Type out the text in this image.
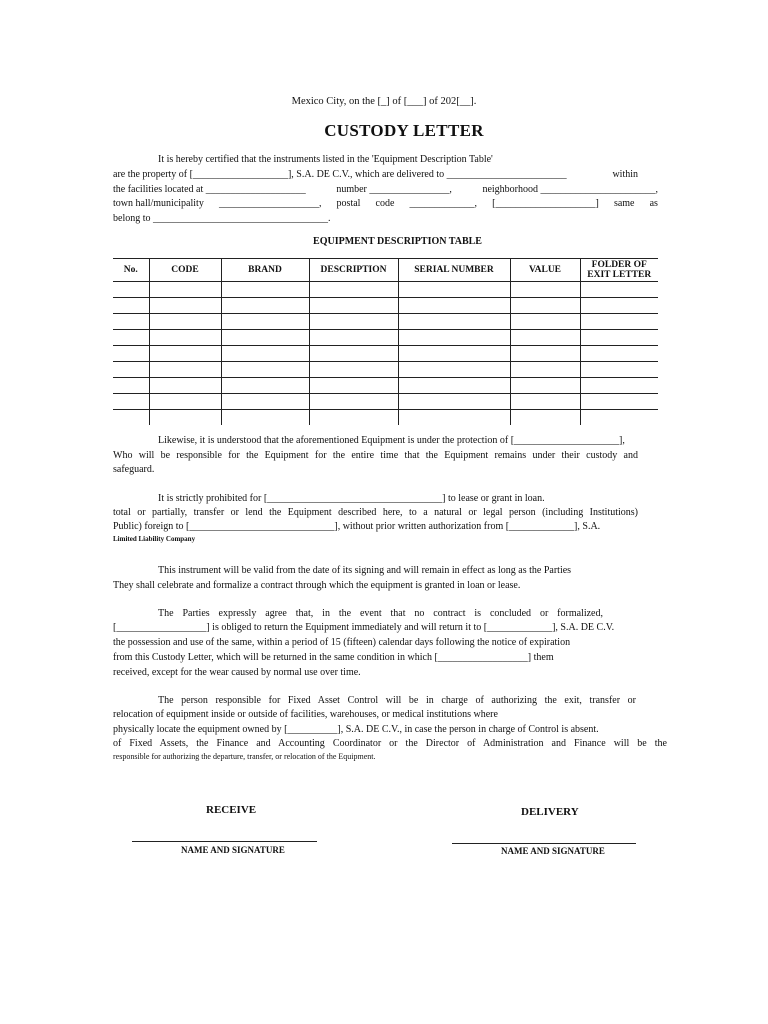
Mexico City, on the [_] of [___] of 202[__].
CUSTODY LETTER
It is hereby certified that the instruments listed in the 'Equipment Description Table'
are the property of [___________________], S.A. DE C.V., which are delivered to ________________________	within
the facilities located at ____________________	number ________________,	neighborhood _______________________,
town hall/municipality ____________________, postal code _____________, [____________________] same as
belong to ___________________________________.
EQUIPMENT DESCRIPTION TABLE
No.	CODE	BRAND	DESCRIPTION	SERIAL NUMBER	VALUE	FOLDER OF EXIT LETTER

Likewise, it is understood that the aforementioned Equipment is under the protection of [_____________________],
Who will be responsible for the Equipment for the entire time that the Equipment remains under their custody and
safeguard.
It is strictly prohibited for [___________________________________] to lease or grant in loan.
total or partially, transfer or lend the Equipment described here, to a natural or legal person (including Institutions)
Public) foreign to [_____________________________], without prior written authorization from [_____________], S.A.
Limited Liability Company
This instrument will be valid from the date of its signing and will remain in effect as long as the Parties
They shall celebrate and formalize a contract through which the equipment is granted in loan or lease.
The Parties expressly agree that, in the event that no contract is concluded or formalized,
[__________________] is obliged to return the Equipment immediately and will return it to [_____________], S.A. DE C.V.
the possession and use of the same, within a period of 15 (fifteen) calendar days following the notice of expiration
from this Custody Letter, which will be returned in the same condition in which [__________________] them
received, except for the wear caused by normal use over time.
The person responsible for Fixed Asset Control will be in charge of authorizing the exit, transfer or
relocation of equipment inside or outside of facilities, warehouses, or medical institutions where
physically locate the equipment owned by [__________], S.A. DE C.V., in case the person in charge of Control is absent.
of Fixed Assets, the Finance and Accounting Coordinator or the Director of Administration and Finance will be the
responsible for authorizing the departure, transfer, or relocation of the Equipment.
RECEIVE	DELIVERY
NAME AND SIGNATURE	NAME AND SIGNATURE
